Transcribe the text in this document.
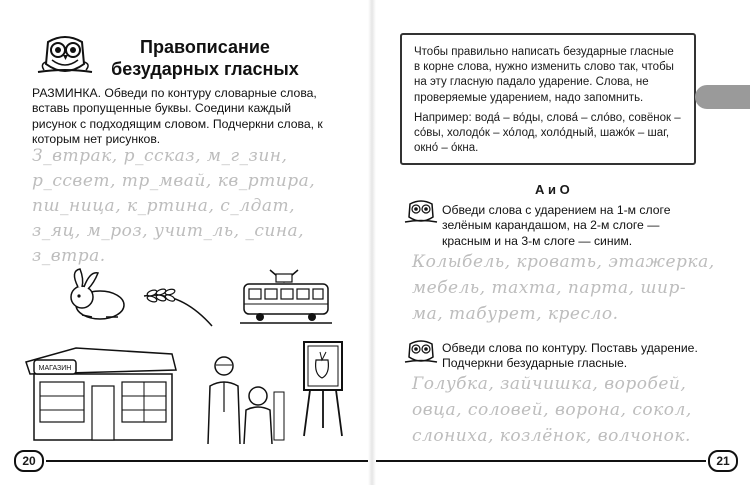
Правописание
безударных гласных
РАЗМИНКА. Обведи по контуру словарные слова, вставь пропущенные буквы. Соедини каждый рисунок с подходящим словом. Подчеркни слова, к которым нет рисунков.
З_втрак, р_ссказ, м_г_зин,
р_ссвет, тр_мвай, кв_ртира,
пш_ница, к_ртина, с_лдат,
з_яц, м_роз, учит_ль, _сина,
з_втра.
МАГАЗИН
20
Чтобы правильно написать безударные гласные в корне слова, нужно изменить слово так, чтобы на эту гласную падало ударение. Слова, не проверяемые ударением, надо запомнить.
Например: вода́ – во́ды, слова́ – сло́во, совёнок – со́вы, холодо́к – хо́лод, холо́дный, шажо́к – шаг, окно́ – о́кна.
А и О
Обведи слова с ударением на 1-м слоге зелёным карандашом, на 2-м слоге — красным и на 3-м слоге — синим.
Колыбель, кровать, этажерка,
мебель, тахта, парта, шир-
ма, табурет, кресло.
Обведи слова по контуру. Поставь ударение. Подчеркни безударные гласные.
Голубка, зайчишка, воробей,
овца, соловей, ворона, сокол,
слониха, козлёнок, волчонок.
21
